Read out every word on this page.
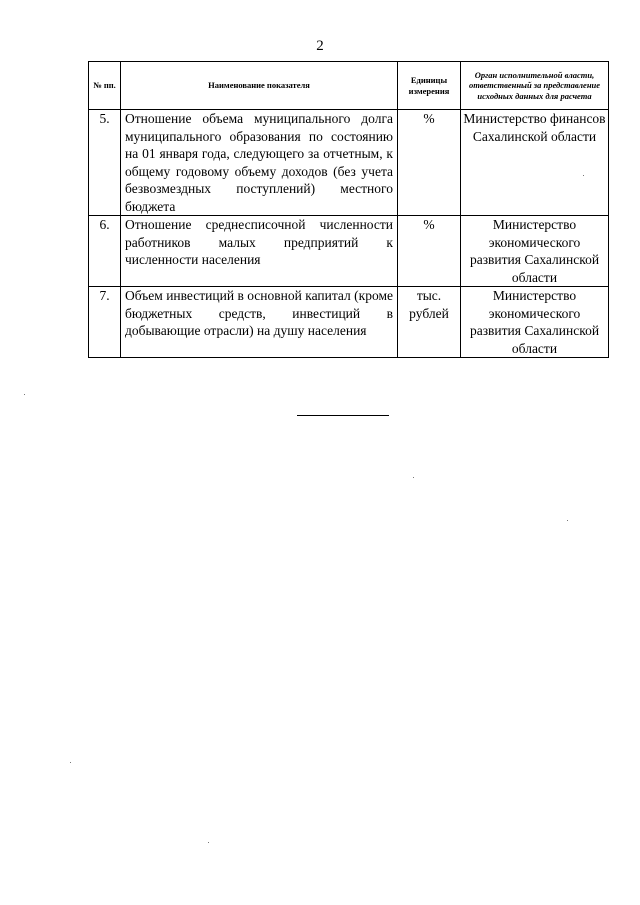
2
№ пп.	Наименование показателя	Единицы измерения	Орган исполнительной власти, ответственный за представление исходных данных для расчета
5.	Отношение объема муниципального долга муниципального образования по состоянию на 01 января года, следующего за отчетным, к общему годовому объему доходов (без учета безвозмездных поступлений) местного бюджета	%	Министерство финансов Сахалинской области
6.	Отношение среднесписочной численности работников малых предприятий к численности населения	%	Министерство экономического развития Сахалинской области
7.	Объем инвестиций в основной капитал (кроме бюджетных средств, инвестиций в добывающие отрасли) на душу населения	тыс. рублей	Министерство экономического развития Сахалинской области
